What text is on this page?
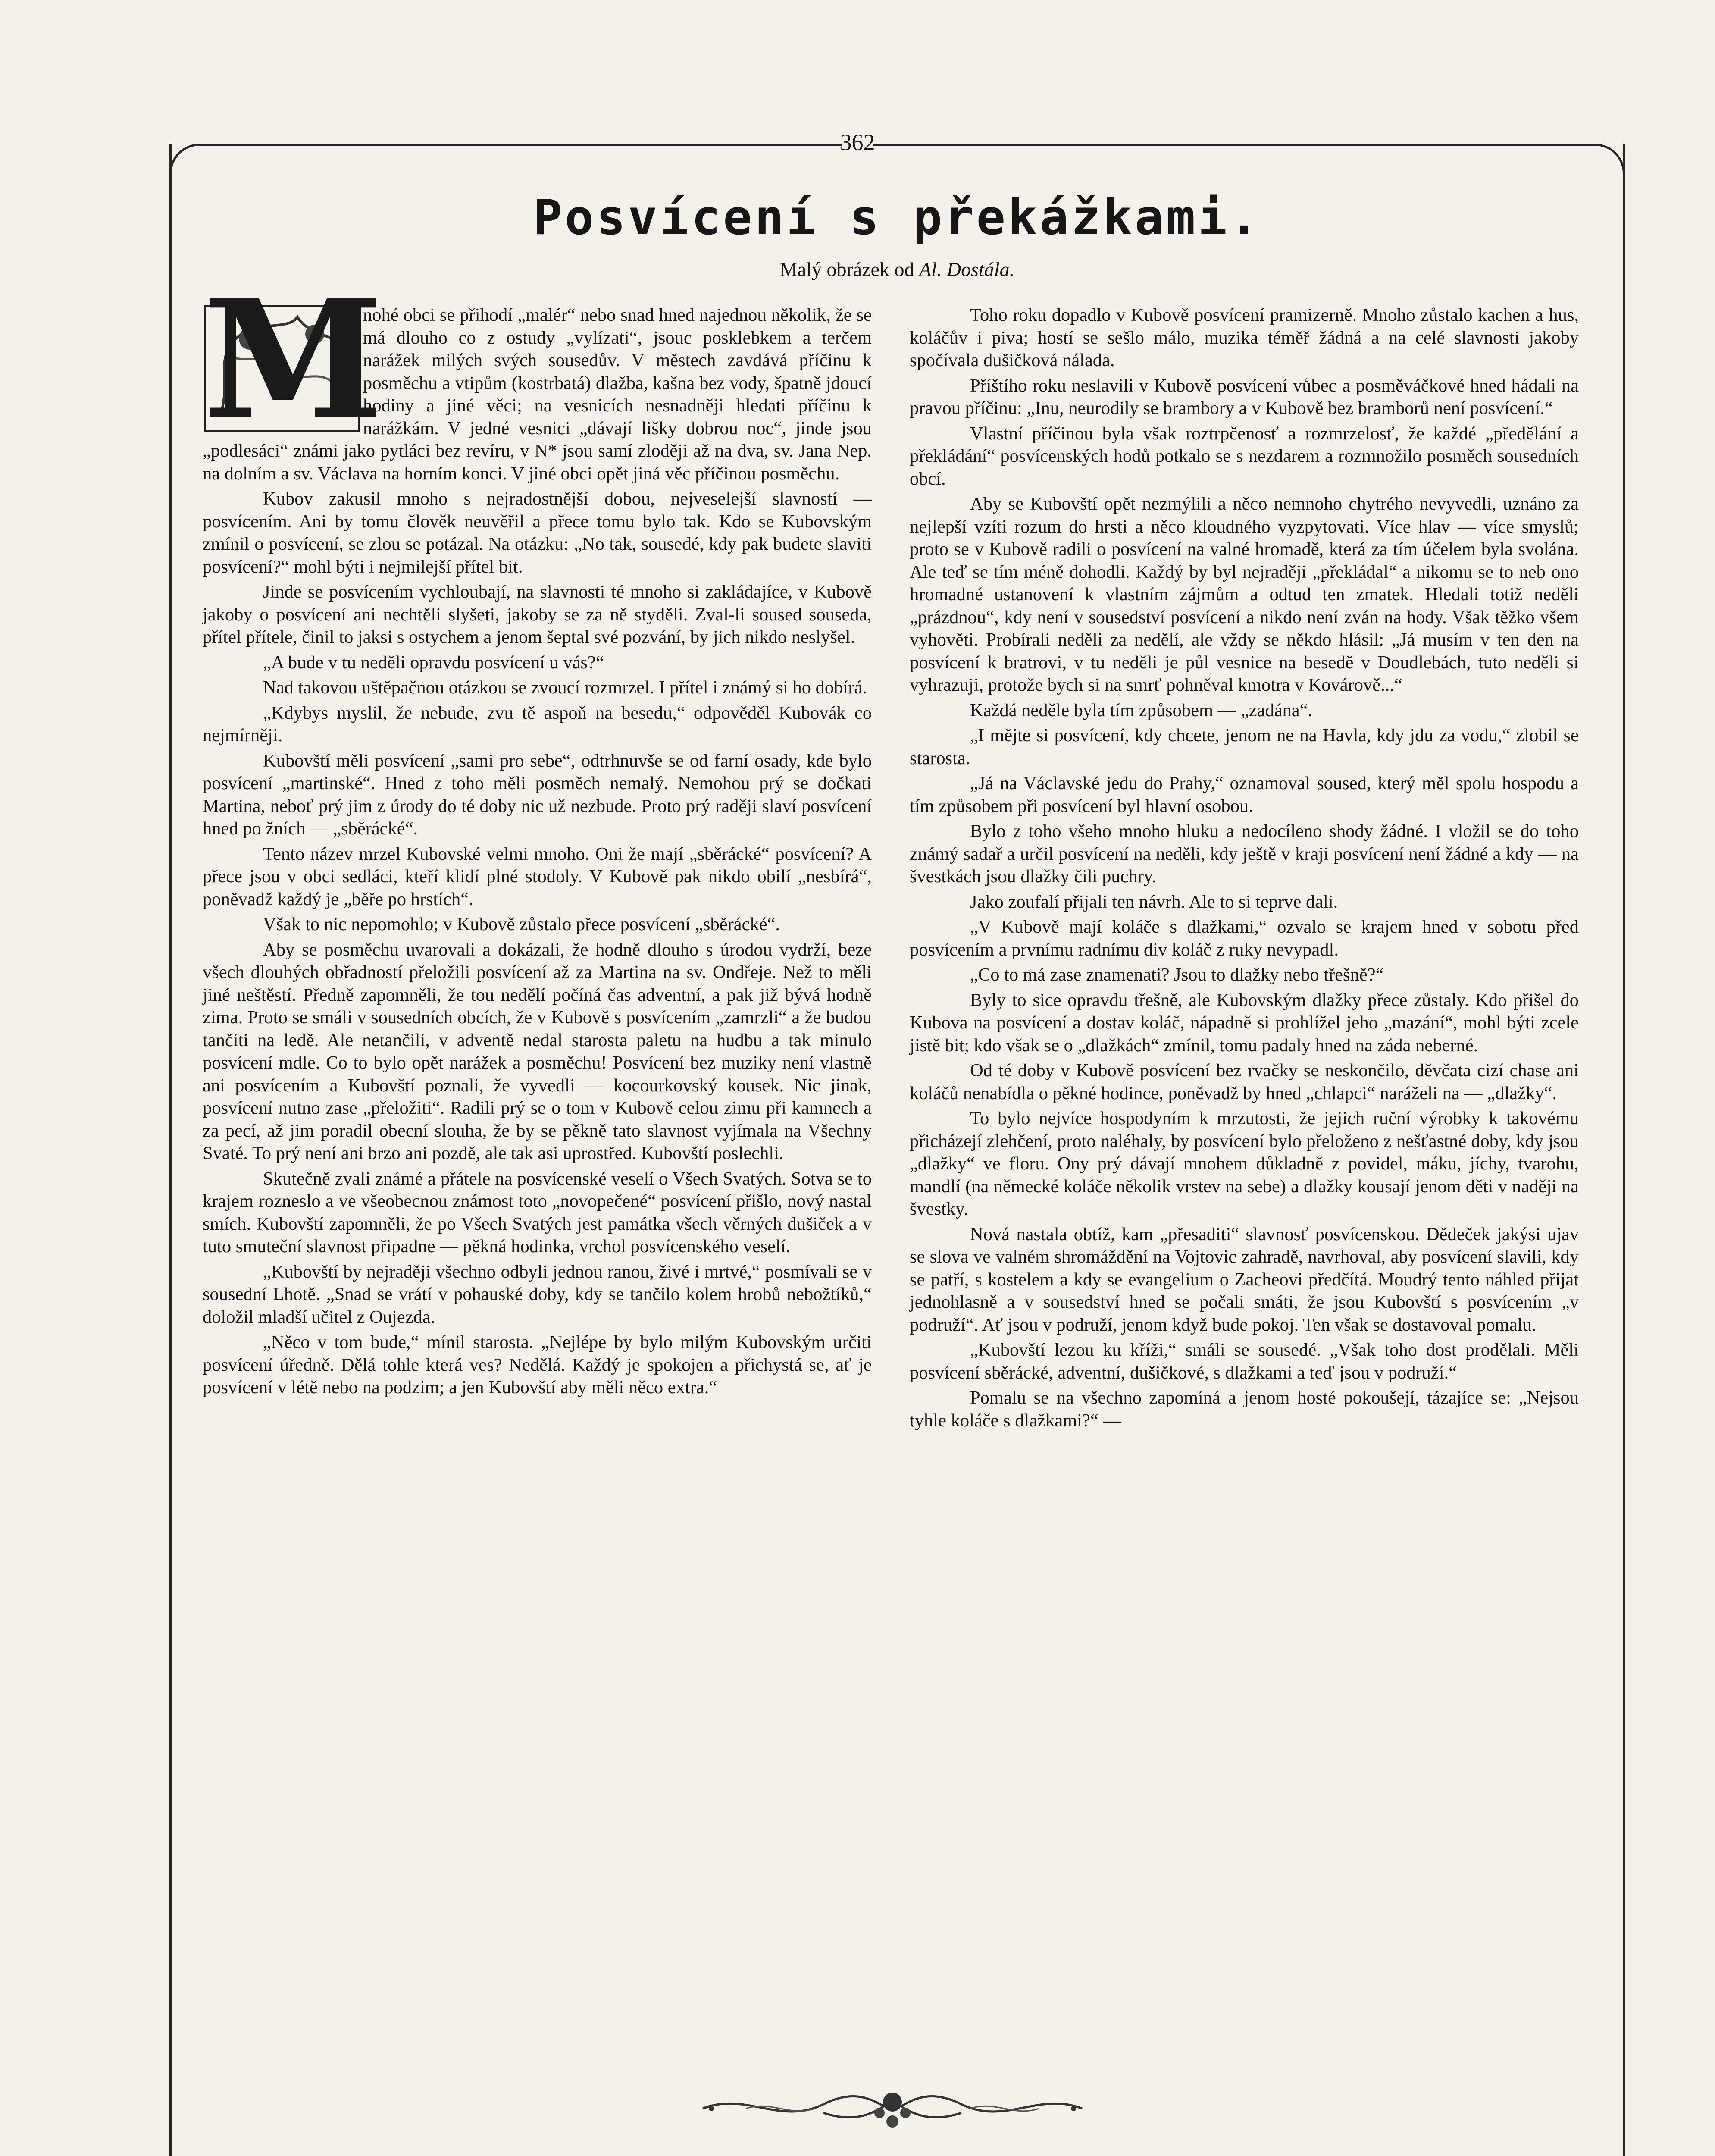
362
Posvícení s překážkami.
Malý obrázek od Al. Dostála.
M

nohé obci se přihodí „malér“ nebo snad hned najednou několik, že se má dlouho co z ostudy „vylízati“, jsouc posklebkem a terčem narážek milých svých sousedův. V městech zavdává příčinu k posměchu a vtipům (kostrbatá) dlažba, kašna bez vody, špatně jdoucí hodiny a jiné věci; na vesnicích nesnadněji hledati příčinu k narážkám. V jedné vesnici „dávají lišky dobrou noc“, jinde jsou „podlesáci“ známi jako pytláci bez revíru, v N* jsou samí zloději až na dva, sv. Jana Nep. na dolním a sv. Václava na horním konci. V jiné obci opět jiná věc příčinou posměchu.

Kubov zakusil mnoho s nejradostnější dobou, nejveselejší slavností — posvícením. Ani by tomu člověk neuvěřil a přece tomu bylo tak. Kdo se Kubovským zmínil o posvícení, se zlou se potázal. Na otázku: „No tak, sousedé, kdy pak budete slaviti posvícení?“ mohl býti i nejmilejší přítel bit.

Jinde se posvícením vychloubají, na slavnosti té mnoho si zakládajíce, v Kubově jakoby o posvícení ani nechtěli slyšeti, jakoby se za ně styděli. Zval-li soused souseda, přítel přítele, činil to jaksi s ostychem a jenom šeptal své pozvání, by jich nikdo neslyšel.

„A bude v tu neděli opravdu posvícení u vás?“

Nad takovou uštěpačnou otázkou se zvoucí rozmrzel. I přítel i známý si ho dobírá.

„Kdybys myslil, že nebude, zvu tě aspoň na besedu,“ odpověděl Kubovák co nejmírněji.

Kubovští měli posvícení „sami pro sebe“, odtrhnuvše se od farní osady, kde bylo posvícení „martinské“. Hned z toho měli posměch nemalý. Nemohou prý se dočkati Martina, neboť prý jim z úrody do té doby nic už nezbude. Proto prý raději slaví posvícení hned po žních — „sběrácké“.

Tento název mrzel Kubovské velmi mnoho. Oni že mají „sběrácké“ posvícení? A přece jsou v obci sedláci, kteří klidí plné stodoly. V Kubově pak nikdo obilí „nesbírá“, poněvadž každý je „běře po hrstích“.

Však to nic nepomohlo; v Kubově zůstalo přece posvícení „sběrácké“.

Aby se posměchu uvarovali a dokázali, že hodně dlouho s úrodou vydrží, beze všech dlouhých obřadností přeložili posvícení až za Martina na sv. Ondřeje. Než to měli jiné neštěstí. Předně zapomněli, že tou nedělí počíná čas adventní, a pak již bývá hodně zima. Proto se smáli v sousedních obcích, že v Kubově s posvícením „zamrzli“ a že budou tančiti na ledě. Ale netančili, v adventě nedal starosta paletu na hudbu a tak minulo posvícení mdle. Co to bylo opět narážek a posměchu! Posvícení bez muziky není vlastně ani posvícením a Kubovští poznali, že vyvedli — kocourkovský kousek. Nic jinak, posvícení nutno zase „přeložiti“. Radili prý se o tom v Kubově celou zimu při kamnech a za pecí, až jim poradil obecní slouha, že by se pěkně tato slavnost vyjímala na Všechny Svaté. To prý není ani brzo ani pozdě, ale tak asi uprostřed. Kubovští poslechli.

Skutečně zvali známé a přátele na posvícenské veselí o Všech Svatých. Sotva se to krajem rozneslo a ve všeobecnou známost toto „novopečené“ posvícení přišlo, nový nastal smích. Kubovští zapomněli, že po Všech Svatých jest památka všech věrných dušiček a v tuto smuteční slavnost připadne — pěkná hodinka, vrchol posvícenského veselí.

„Kubovští by nejraději všechno odbyli jednou ranou, živé i mrtvé,“ posmívali se v sousední Lhotě. „Snad se vrátí v pohauské doby, kdy se tančilo kolem hrobů nebožtíků,“ doložil mladší učitel z Oujezda.

„Něco v tom bude,“ mínil starosta. „Nejlépe by bylo milým Kubovským určiti posvícení úředně. Dělá tohle která ves? Nedělá. Každý je spokojen a přichystá se, ať je posvícení v létě nebo na podzim; a jen Kubovští aby měli něco extra.“

Toho roku dopadlo v Kubově posvícení pramizerně. Mnoho zůstalo kachen a hus, koláčův i piva; hostí se sešlo málo, muzika téměř žádná a na celé slavnosti jakoby spočívala dušičková nálada.

Příštího roku neslavili v Kubově posvícení vůbec a posměváčkové hned hádali na pravou příčinu: „Inu, neurodily se brambory a v Kubově bez bramborů není posvícení.“

Vlastní příčinou byla však roztrpčenosť a rozmrzelosť, že každé „předělání a překládání“ posvícenských hodů potkalo se s nezdarem a rozmnožilo posměch sousedních obcí.

Aby se Kubovští opět nezmýlili a něco nemnoho chytrého nevyvedli, uznáno za nejlepší vzíti rozum do hrsti a něco kloudného vyzpytovati. Více hlav — více smyslů; proto se v Kubově radili o posvícení na valné hromadě, která za tím účelem byla svolána. Ale teď se tím méně dohodli. Každý by byl nejraději „překládal“ a nikomu se to neb ono hromadné ustanovení k vlastním zájmům a odtud ten zmatek. Hledali totiž neděli „prázdnou“, kdy není v sousedství posvícení a nikdo není zván na hody. Však těžko všem vyhověti. Probírali neděli za nedělí, ale vždy se někdo hlásil: „Já musím v ten den na posvícení k bratrovi, v tu neděli je půl vesnice na besedě v Doudlebách, tuto neděli si vyhrazuji, protože bych si na smrť pohněval kmotra v Kovárově...“

Každá neděle byla tím způsobem — „zadána“.

„I mějte si posvícení, kdy chcete, jenom ne na Havla, kdy jdu za vodu,“ zlobil se starosta.

„Já na Václavské jedu do Prahy,“ oznamoval soused, který měl spolu hospodu a tím způsobem při posvícení byl hlavní osobou.

Bylo z toho všeho mnoho hluku a nedocíleno shody žádné. I vložil se do toho známý sadař a určil posvícení na neděli, kdy ještě v kraji posvícení není žádné a kdy — na švestkách jsou dlažky čili puchry.

Jako zoufalí přijali ten návrh. Ale to si teprve dali.

„V Kubově mají koláče s dlažkami,“ ozvalo se krajem hned v sobotu před posvícením a prvnímu radnímu div koláč z ruky nevypadl.

„Co to má zase znamenati? Jsou to dlažky nebo třešně?“

Byly to sice opravdu třešně, ale Kubovským dlažky přece zůstaly. Kdo přišel do Kubova na posvícení a dostav koláč, nápadně si prohlížel jeho „mazání“, mohl býti zcele jistě bit; kdo však se o „dlažkách“ zmínil, tomu padaly hned na záda neberné.

Od té doby v Kubově posvícení bez rvačky se neskončilo, děvčata cizí chase ani koláčů nenabídla o pěkné hodince, poněvadž by hned „chlapci“ naráželi na — „dlažky“.

To bylo nejvíce hospodyním k mrzutosti, že jejich ruční výrobky k takovému přicházejí zlehčení, proto naléhaly, by posvícení bylo přeloženo z nešťastné doby, kdy jsou „dlažky“ ve floru. Ony prý dávají mnohem důkladně z povidel, máku, jíchy, tvarohu, mandlí (na německé koláče několik vrstev na sebe) a dlažky kousají jenom děti v naději na švestky.

Nová nastala obtíž, kam „přesaditi“ slavnosť posvícenskou. Dědeček jakýsi ujav se slova ve valném shromáždění na Vojtovic zahradě, navrhoval, aby posvícení slavili, kdy se patří, s kostelem a kdy se evangelium o Zacheovi předčítá. Moudrý tento náhled přijat jednohlasně a v sousedství hned se počali smáti, že jsou Kubovští s posvícením „v podruží“. Ať jsou v podruží, jenom když bude pokoj. Ten však se dostavoval pomalu.

„Kubovští lezou ku kříži,“ smáli se sousedé. „Však toho dost prodělali. Měli posvícení sběrácké, adventní, dušičkové, s dlažkami a teď jsou v podruží.“

Pomalu se na všechno zapomíná a jenom hosté pokoušejí, tázajíce se: „Nejsou tyhle koláče s dlažkami?“ —
